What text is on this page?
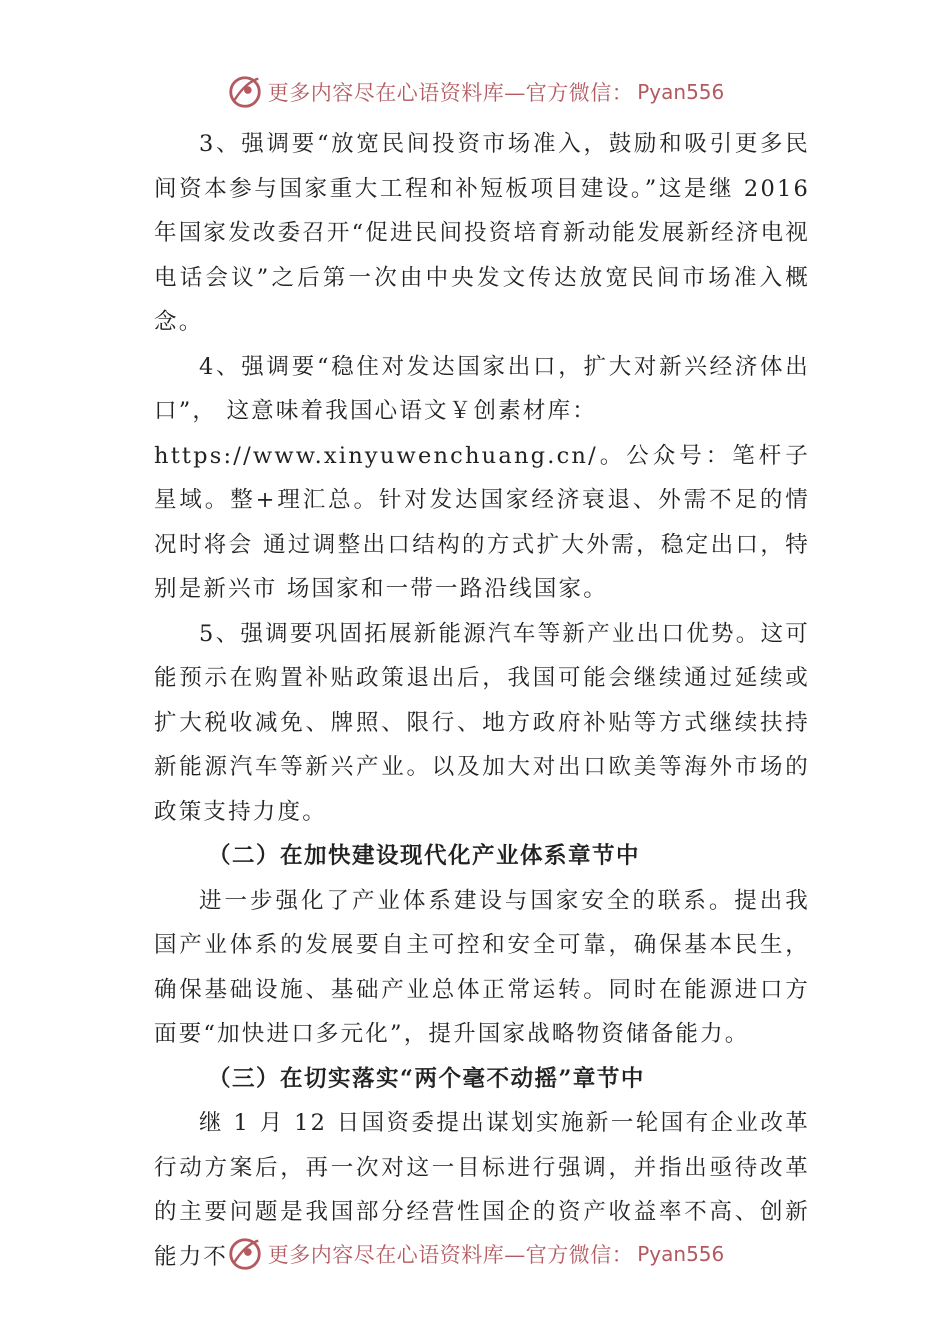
更多内容尽在心语资料库—官方微信： Pyan556

3、强调要“放宽民间投资市场准入，鼓励和吸引更多民间资本参与国家重大工程和补短板项目建设。”这是继 2016 年国家发改委召开“促进民间投资培育新动能发展新经济电视电话会议”之后第一次由中央发文传达放宽民间市场准入概念。

4、强调要“稳住对发达国家出口，扩大对新兴经济体出口”， 这意味着我国心语文￥创素材库：

https://www.xinyuwenchuang.cn/。公众号：笔杆子星域。整+理汇总。针对发达国家经济衰退、外需不足的情况时将会 通过调整出口结构的方式扩大外需，稳定出口，特别是新兴市 场国家和一带一路沿线国家。

5、强调要巩固拓展新能源汽车等新产业出口优势。这可能预示在购置补贴政策退出后，我国可能会继续通过延续或扩大税收减免、牌照、限行、地方政府补贴等方式继续扶持新能源汽车等新兴产业。以及加大对出口欧美等海外市场的政策支持力度。

（二）在加快建设现代化产业体系章节中

进一步强化了产业体系建设与国家安全的联系。提出我国产业体系的发展要自主可控和安全可靠，确保基本民生，确保基础设施、基础产业总体正常运转。同时在能源进口方面要“加快进口多元化”，提升国家战略物资储备能力。

（三）在切实落实“两个毫不动摇”章节中

继 1 月 12 日国资委提出谋划实施新一轮国有企业改革行动方案后，再一次对这一目标进行强调，并指出亟待改革的主要问题是我国部分经营性国企的资产收益率不高、创新能力不	更多内容尽在心语资料库—官方微信： Pyan556
